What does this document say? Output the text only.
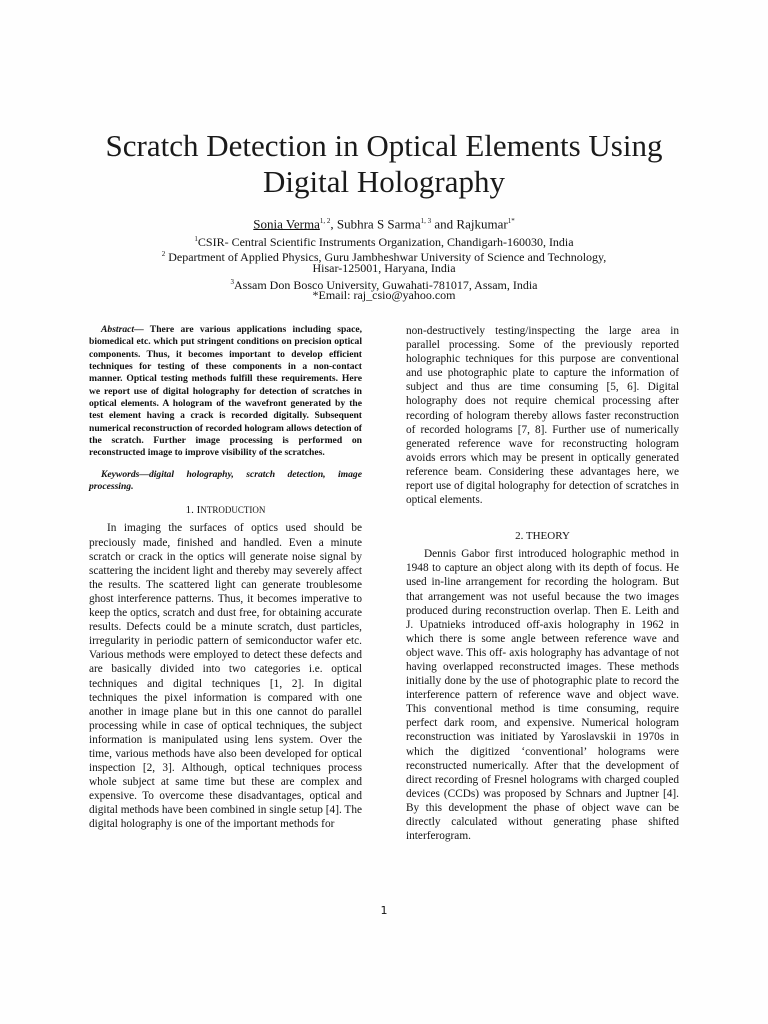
Scratch Detection in Optical Elements Using
Digital Holography
Sonia Verma$^{1, 2}$, Subhra S Sarma$^{1, 3}$ and Rajkumar$^{1*}$
$^1$CSIR- Central Scientific Instruments Organization, Chandigarh-160030, India
$^2$ Department of Applied Physics, Guru Jambheshwar University of Science and Technology,
Hisar-125001, Haryana, India
$^3$Assam Don Bosco University, Guwahati-781017, Assam, India
*Email: raj_csio@yahoo.com

Abstract— There are various applications including space, biomedical etc. which put stringent conditions on precision optical components. Thus, it becomes important to develop efficient techniques for testing of these components in a non-contact manner. Optical testing methods fulfill these requirements. Here we report use of digital holography for detection of scratches in optical elements. A hologram of the wavefront generated by the test element having a crack is recorded digitally. Subsequent numerical reconstruction of recorded hologram allows detection of the scratch. Further image processing is performed on reconstructed image to improve visibility of the scratches.

Keywords—digital holography, scratch detection, image processing.

1. INTRODUCTION

In imaging the surfaces of optics used should be preciously made, finished and handled. Even a minute scratch or crack in the optics will generate noise signal by scattering the incident light and thereby may severely affect the results. The scattered light can generate troublesome ghost interference patterns. Thus, it becomes imperative to keep the optics, scratch and dust free, for obtaining accurate results. Defects could be a minute scratch, dust particles, irregularity in periodic pattern of semiconductor wafer etc. Various methods were employed to detect these defects and are basically divided into two categories i.e. optical techniques and digital techniques [1, 2]. In digital techniques the pixel information is compared with one another in image plane but in this one cannot do parallel processing while in case of optical techniques, the subject information is manipulated using lens system. Over the time, various methods have also been developed for optical inspection [2, 3]. Although, optical techniques process whole subject at same time but these are complex and expensive. To overcome these disadvantages, optical and digital methods have been combined in single setup [4]. The digital holography is one of the important methods for

non-destructively testing/inspecting the large area in parallel processing. Some of the previously reported holographic techniques for this purpose are conventional and use photographic plate to capture the information of subject and thus are time consuming [5, 6]. Digital holography does not require chemical processing after recording of hologram thereby allows faster reconstruction of recorded holograms [7, 8]. Further use of numerically generated reference wave for reconstructing hologram avoids errors which may be present in optically generated reference beam. Considering these advantages here, we report use of digital holography for detection of scratches in optical elements.

2. THEORY

Dennis Gabor first introduced holographic method in 1948 to capture an object along with its depth of focus. He used in-line arrangement for recording the hologram. But that arrangement was not useful because the two images produced during reconstruction overlap. Then E. Leith and J. Upatnieks introduced off-axis holography in 1962 in which there is some angle between reference wave and object wave. This off- axis holography has advantage of not having overlapped reconstructed images. These methods initially done by the use of photographic plate to record the interference pattern of reference wave and object wave. This conventional method is time consuming, require perfect dark room, and expensive. Numerical hologram reconstruction was initiated by Yaroslavskii in 1970s in which the digitized ‘conventional’ holograms were reconstructed numerically. After that the development of direct recording of Fresnel holograms with charged coupled devices (CCDs) was proposed by Schnars and Juptner [4]. By this development the phase of object wave can be directly calculated without generating phase shifted interferogram.

1
